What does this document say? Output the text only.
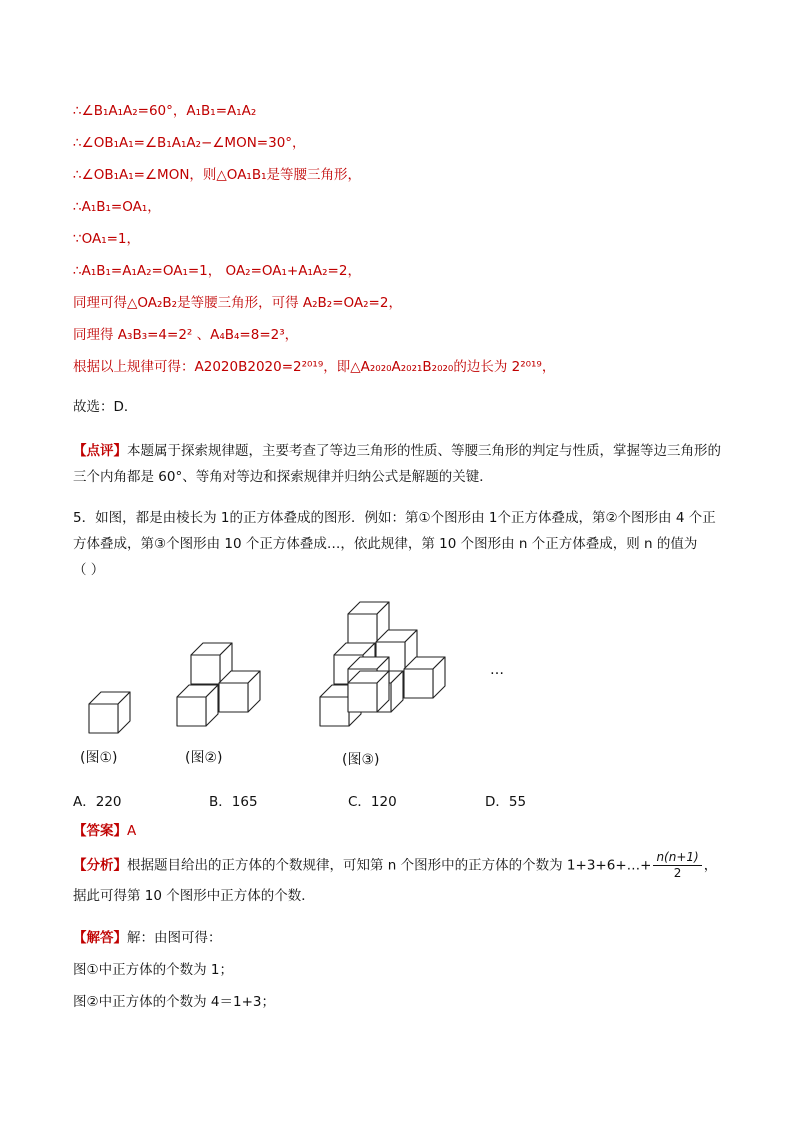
∴∠B₁A₁A₂=60°，A₁B₁=A₁A₂
∴∠OB₁A₁=∠B₁A₁A₂−∠MON=30°，
∴∠OB₁A₁=∠MON，则△OA₁B₁是等腰三角形，
∴A₁B₁=OA₁，
∵OA₁=1，
∴A₁B₁=A₁A₂=OA₁=1， OA₂=OA₁+A₁A₂=2，
同理可得△OA₂B₂是等腰三角形，可得 A₂B₂=OA₂=2，
同理得 A₃B₃=4=2² 、A₄B₄=8=2³，
根据以上规律可得：A2020B2020=2²⁰¹⁹，即△A₂₀₂₀A₂₀₂₁B₂₀₂₀的边长为 2²⁰¹⁹，
故选：D．
【点评】本题属于探索规律题，主要考查了等边三角形的性质、等腰三角形的判定与性质，掌握等边三角形的三个内角都是 60°、等角对等边和探索规律并归纳公式是解题的关键．
5．如图，都是由棱长为 1的正方体叠成的图形．例如：第①个图形由 1个正方体叠成，第②个图形由 4 个正方体叠成，第③个图形由 10 个正方体叠成…，依此规律，第 10 个图形由 n 个正方体叠成，则 n 的值为
（ ）
(图①)	(图②)	(图③)
…
A．220	B．165	C．120	D．55
【答案】A
【分析】根据题目给出的正方体的个数规律，可知第 n 个图形中的正方体的个数为 1+3+6+…+ $\frac{n(n+1)}{2}$ ，据此可得第 10 个图形中正方体的个数．
【解答】解：由图可得：
图①中正方体的个数为 1；
图②中正方体的个数为 4＝1+3；
